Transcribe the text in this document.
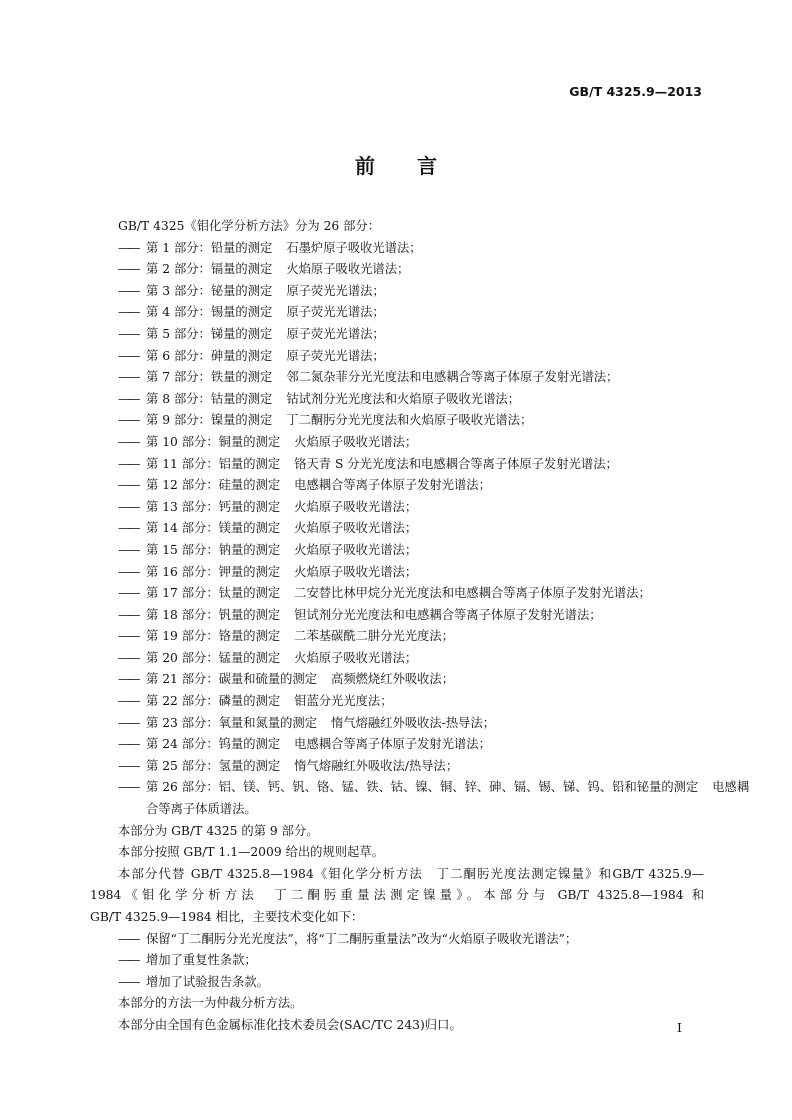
GB/T 4325.9—2013
前言
GB/T 4325《钼化学分析方法》分为 26 部分：
—— 第 1 部分：铅量的测定 石墨炉原子吸收光谱法；
—— 第 2 部分：镉量的测定 火焰原子吸收光谱法；
—— 第 3 部分：铋量的测定 原子荧光光谱法；
—— 第 4 部分：锡量的测定 原子荧光光谱法；
—— 第 5 部分：锑量的测定 原子荧光光谱法；
—— 第 6 部分：砷量的测定 原子荧光光谱法；
—— 第 7 部分：铁量的测定 邻二氮杂菲分光光度法和电感耦合等离子体原子发射光谱法；
—— 第 8 部分：钴量的测定 钴试剂分光光度法和火焰原子吸收光谱法；
—— 第 9 部分：镍量的测定 丁二酮肟分光光度法和火焰原子吸收光谱法；
—— 第 10 部分：铜量的测定 火焰原子吸收光谱法；
—— 第 11 部分：铝量的测定 铬天青 S 分光光度法和电感耦合等离子体原子发射光谱法；
—— 第 12 部分：硅量的测定 电感耦合等离子体原子发射光谱法；
—— 第 13 部分：钙量的测定 火焰原子吸收光谱法；
—— 第 14 部分：镁量的测定 火焰原子吸收光谱法；
—— 第 15 部分：钠量的测定 火焰原子吸收光谱法；
—— 第 16 部分：钾量的测定 火焰原子吸收光谱法；
—— 第 17 部分：钛量的测定 二安替比林甲烷分光光度法和电感耦合等离子体原子发射光谱法；
—— 第 18 部分：钒量的测定 钽试剂分光光度法和电感耦合等离子体原子发射光谱法；
—— 第 19 部分：铬量的测定 二苯基碳酰二肼分光光度法；
—— 第 20 部分：锰量的测定 火焰原子吸收光谱法；
—— 第 21 部分：碳量和硫量的测定 高频燃烧红外吸收法；
—— 第 22 部分：磷量的测定 钼蓝分光光度法；
—— 第 23 部分：氧量和氮量的测定 惰气熔融红外吸收法-热导法；
—— 第 24 部分：钨量的测定 电感耦合等离子体原子发射光谱法；
—— 第 25 部分：氢量的测定 惰气熔融红外吸收法/热导法；
—— 第 26 部分：铝、镁、钙、钒、铬、锰、铁、钴、镍、铜、锌、砷、镉、锡、锑、钨、铅和铋量的测定 电感耦
合等离子体质谱法。
本部分为 GB/T 4325 的第 9 部分。
本部分按照 GB/T 1.1—2009 给出的规则起草。
本部分代替 GB/T 4325.8—1984《钼化学分析方法　丁二酮肟光度法测定镍量》和GB/T 4325.9—
1984《钼化学分析方法　丁二酮肟重量法测定镍量》。本部分与 GB/T 4325.8—1984 和
GB/T 4325.9—1984 相比，主要技术变化如下：
—— 保留“丁二酮肟分光光度法”，将“丁二酮肟重量法”改为“火焰原子吸收光谱法”；
—— 增加了重复性条款；
—— 增加了试验报告条款。
本部分的方法一为仲裁分析方法。
本部分由全国有色金属标准化技术委员会(SAC/TC 243)归口。	I
